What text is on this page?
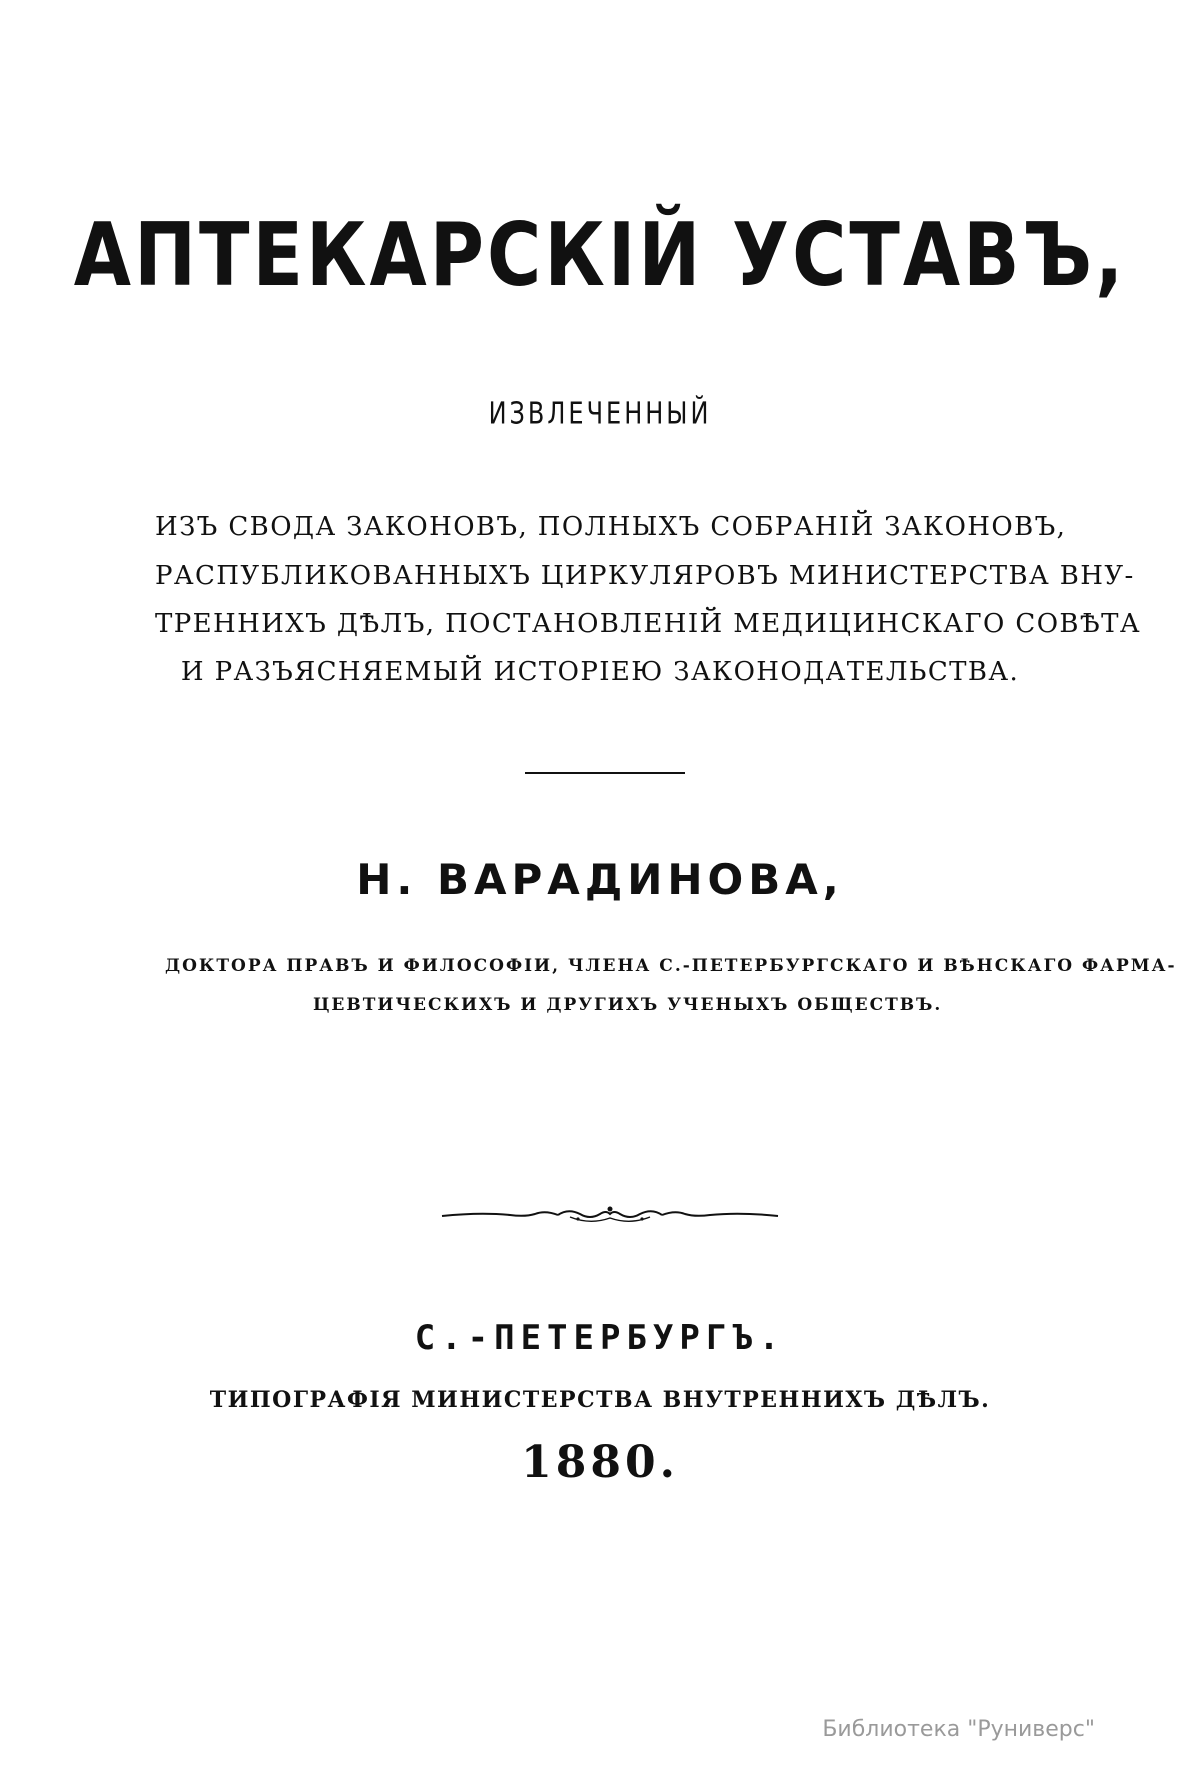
АПТЕКАРСКІЙ УСТАВЪ,
ИЗВЛЕЧЕННЫЙ
ИЗЪ СВОДА ЗАКОНОВЪ, ПОЛНЫХЪ СОБРАНІЙ ЗАКОНОВЪ,
РАСПУБЛИКОВАННЫХЪ ЦИРКУЛЯРОВЪ МИНИСТЕРСТВА ВНУ-
ТРЕННИХЪ ДѢЛЪ, ПОСТАНОВЛЕНІЙ МЕДИЦИНСКАГО СОВѢТА
И РАЗЪЯСНЯЕМЫЙ ИСТОРІЕЮ ЗАКОНОДАТЕЛЬСТВА.
Н. ВАРАДИНОВА,
ДОКТОРА ПРАВЪ И ФИЛОСОФІИ, ЧЛЕНА С.-ПЕТЕРБУРГСКАГО И ВѢНСКАГО ФАРМА-
ЦЕВТИЧЕСКИХЪ И ДРУГИХЪ УЧЕНЫХЪ ОБЩЕСТВЪ.
С.-ПЕТЕРБУРГЪ.
ТИПОГРАФІЯ МИНИСТЕРСТВА ВНУТРЕННИХЪ ДѢЛЪ.
1880.
Библиотека "Руниверс"
